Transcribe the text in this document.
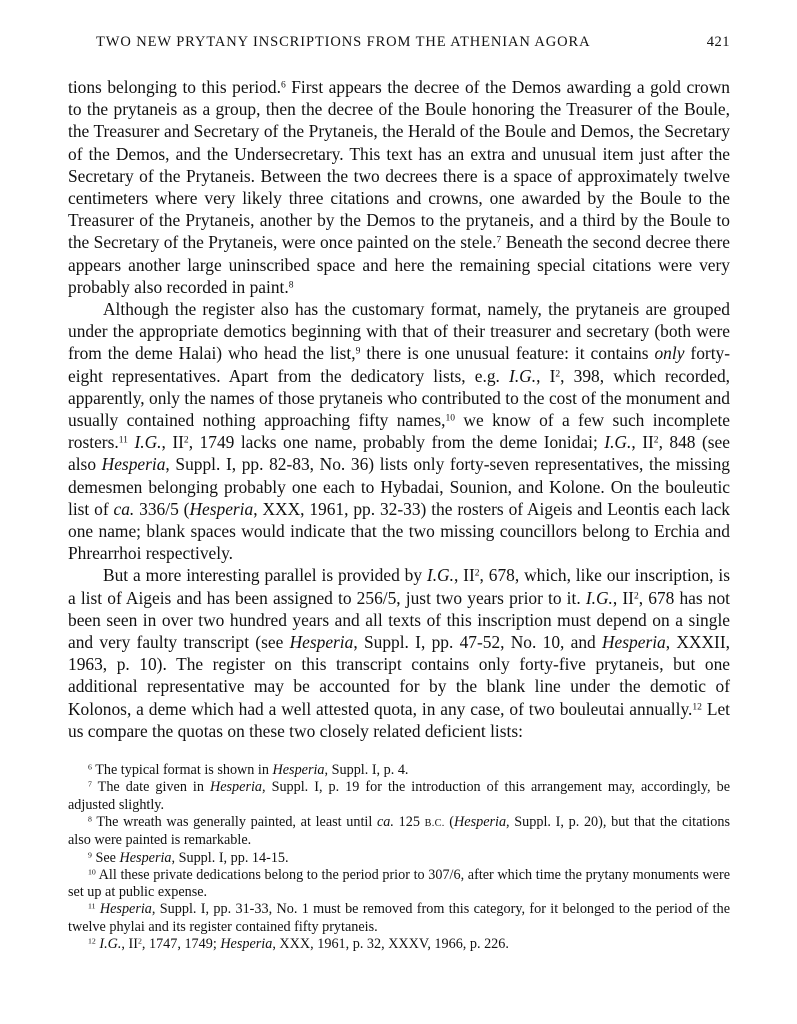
TWO NEW PRYTANY INSCRIPTIONS FROM THE ATHENIAN AGORA	421

tions belonging to this period.$^6$ First appears the decree of the Demos awarding a gold crown to the prytaneis as a group, then the decree of the Boule honoring the Treasurer of the Boule, the Treasurer and Secretary of the Prytaneis, the Herald of the Boule and Demos, the Secretary of the Demos, and the Undersecretary. This text has an extra and unusual item just after the Secretary of the Prytaneis. Between the two decrees there is a space of approximately twelve centimeters where very likely three citations and crowns, one awarded by the Boule to the Treasurer of the Prytaneis, another by the Demos to the prytaneis, and a third by the Boule to the Secretary of the Prytaneis, were once painted on the stele.$^7$ Beneath the second decree there appears another large uninscribed space and here the remaining special citations were very probably also recorded in paint.$^8$

Although the register also has the customary format, namely, the prytaneis are grouped under the appropriate demotics beginning with that of their treasurer and secretary (both were from the deme Halai) who head the list,$^9$ there is one unusual feature: it contains only forty-eight representatives. Apart from the dedicatory lists, e.g. I.G., $I^2$, 398, which recorded, apparently, only the names of those prytaneis who contributed to the cost of the monument and usually contained nothing approaching fifty names,$^{10}$ we know of a few such incomplete rosters.$^{11}$ I.G., $II^2$, 1749 lacks one name, probably from the deme Ionidai; I.G., $II^2$, 848 (see also Hesperia, Suppl. I, pp. 82-83, No. 36) lists only forty-seven representatives, the missing demesmen belonging probably one each to Hybadai, Sounion, and Kolone. On the bouleutic list of ca. 336/5 (Hesperia, XXX, 1961, pp. 32-33) the rosters of Aigeis and Leontis each lack one name; blank spaces would indicate that the two missing councillors belong to Erchia and Phrearrhoi respectively.

But a more interesting parallel is provided by I.G., $II^2$, 678, which, like our inscription, is a list of Aigeis and has been assigned to 256/5, just two years prior to it. I.G., $II^2$, 678 has not been seen in over two hundred years and all texts of this inscription must depend on a single and very faulty transcript (see Hesperia, Suppl. I, pp. 47-52, No. 10, and Hesperia, XXXII, 1963, p. 10). The register on this transcript contains only forty-five prytaneis, but one additional representative may be accounted for by the blank line under the demotic of Kolonos, a deme which had a well attested quota, in any case, of two bouleutai annually.$^{12}$ Let us compare the quotas on these two closely related deficient lists:

$^6$ The typical format is shown in Hesperia, Suppl. I, p. 4.

$^7$ The date given in Hesperia, Suppl. I, p. 19 for the introduction of this arrangement may, accordingly, be adjusted slightly.

$^8$ The wreath was generally painted, at least until ca. 125 B.C. (Hesperia, Suppl. I, p. 20), but that the citations also were painted is remarkable.

$^9$ See Hesperia, Suppl. I, pp. 14-15.

$^{10}$ All these private dedications belong to the period prior to 307/6, after which time the prytany monuments were set up at public expense.

$^{11}$ Hesperia, Suppl. I, pp. 31-33, No. 1 must be removed from this category, for it belonged to the period of the twelve phylai and its register contained fifty prytaneis.

$^{12}$ I.G., $II^2$, 1747, 1749; Hesperia, XXX, 1961, p. 32, XXXV, 1966, p. 226.
